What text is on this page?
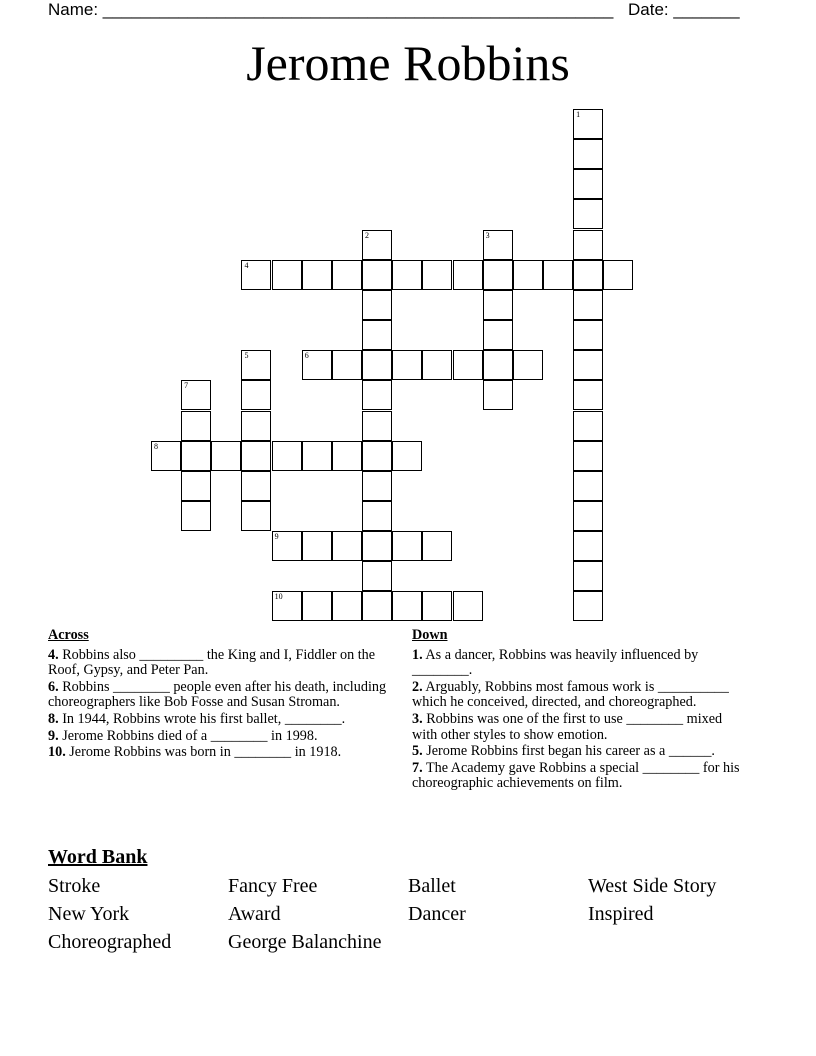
Name: ______________________________________________________

Date: _______

Jerome Robbins
1
2	3
4
5	6
7
8
9
10
Across
4. Robbins also _________ the King and I, Fiddler on the Roof, Gypsy, and Peter Pan.
6. Robbins ________ people even after his death, including choreographers like Bob Fosse and Susan Stroman.
8. In 1944, Robbins wrote his first ballet, ________.
9. Jerome Robbins died of a ________ in 1998.
10. Jerome Robbins was born in ________ in 1918.
Down
1. As a dancer, Robbins was heavily influenced by ________.
2. Arguably, Robbins most famous work is __________ which he conceived, directed, and choreographed.
3. Robbins was one of the first to use ________ mixed with other styles to show emotion.
5. Jerome Robbins first began his career as a ______.
7. The Academy gave Robbins a special ________ for his choreographic achievements on film.
Word Bank
Stroke	Fancy Free	Ballet	West Side Story
New York	Award	Dancer	Inspired
Choreographed	George Balanchine
